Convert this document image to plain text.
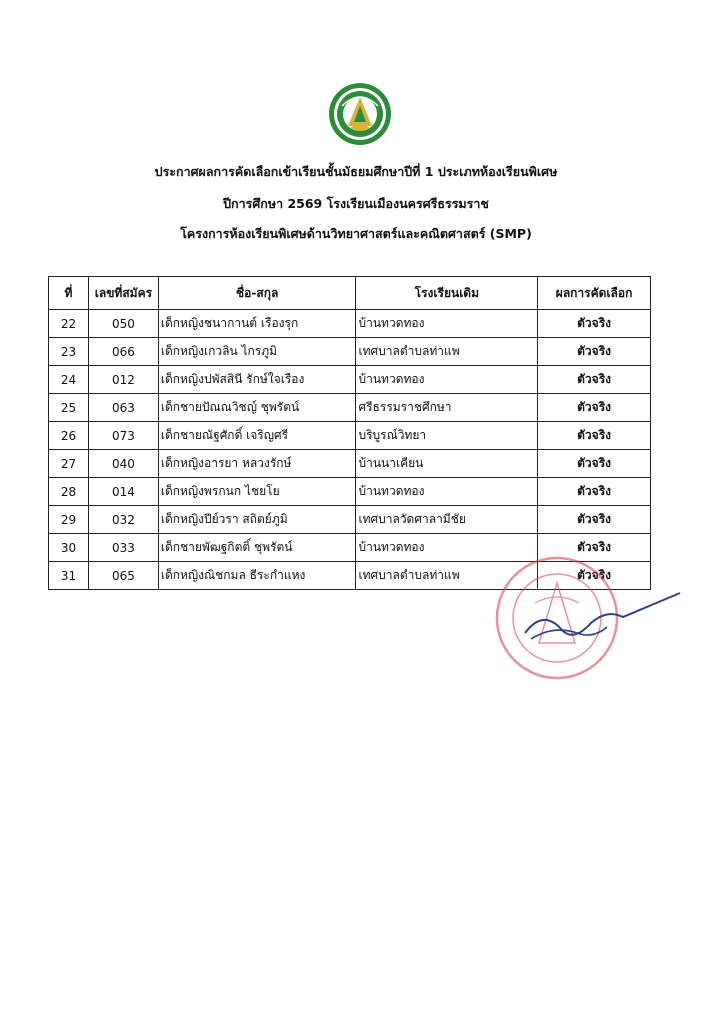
ประกาศผลการคัดเลือกเข้าเรียนชั้นมัธยมศึกษาปีที่ 1 ประเภทห้องเรียนพิเศษ
ปีการศึกษา 2569 โรงเรียนเมืองนครศรีธรรมราช
โครงการห้องเรียนพิเศษด้านวิทยาศาสตร์และคณิตศาสตร์ (SMP)
ที่	เลขที่สมัคร	ชื่อ-สกุล	โรงเรียนเดิม	ผลการคัดเลือก
22	050	เด็กหญิงชนากานต์ เรืองรุก	บ้านทวดทอง	ตัวจริง
23	066	เด็กหญิงเกวลิน ไกรภูมิ	เทศบาลตำบลท่าแพ	ตัวจริง
24	012	เด็กหญิงปพัสสินี รักษ์ใจเรือง	บ้านทวดทอง	ตัวจริง
25	063	เด็กชายปัณณวิชญ์ ชุพรัตน์	ศรีธรรมราชศึกษา	ตัวจริง
26	073	เด็กชายณัฐศักดิ์ เจริญศรี	บริบูรณ์วิทยา	ตัวจริง
27	040	เด็กหญิงอารยา หลวงรักษ์	บ้านนาเคียน	ตัวจริง
28	014	เด็กหญิงพรกนก ไชยโย	บ้านทวดทอง	ตัวจริง
29	032	เด็กหญิงปีย์วรา สถิตย์ภูมิ	เทศบาลวัดศาลามีชัย	ตัวจริง
30	033	เด็กชายพัฒฐกิตติ์ ชุพรัตน์	บ้านทวดทอง	ตัวจริง
31	065	เด็กหญิงณิชกมล ธีระกำแหง	เทศบาลตำบลท่าแพ	ตัวจริง
